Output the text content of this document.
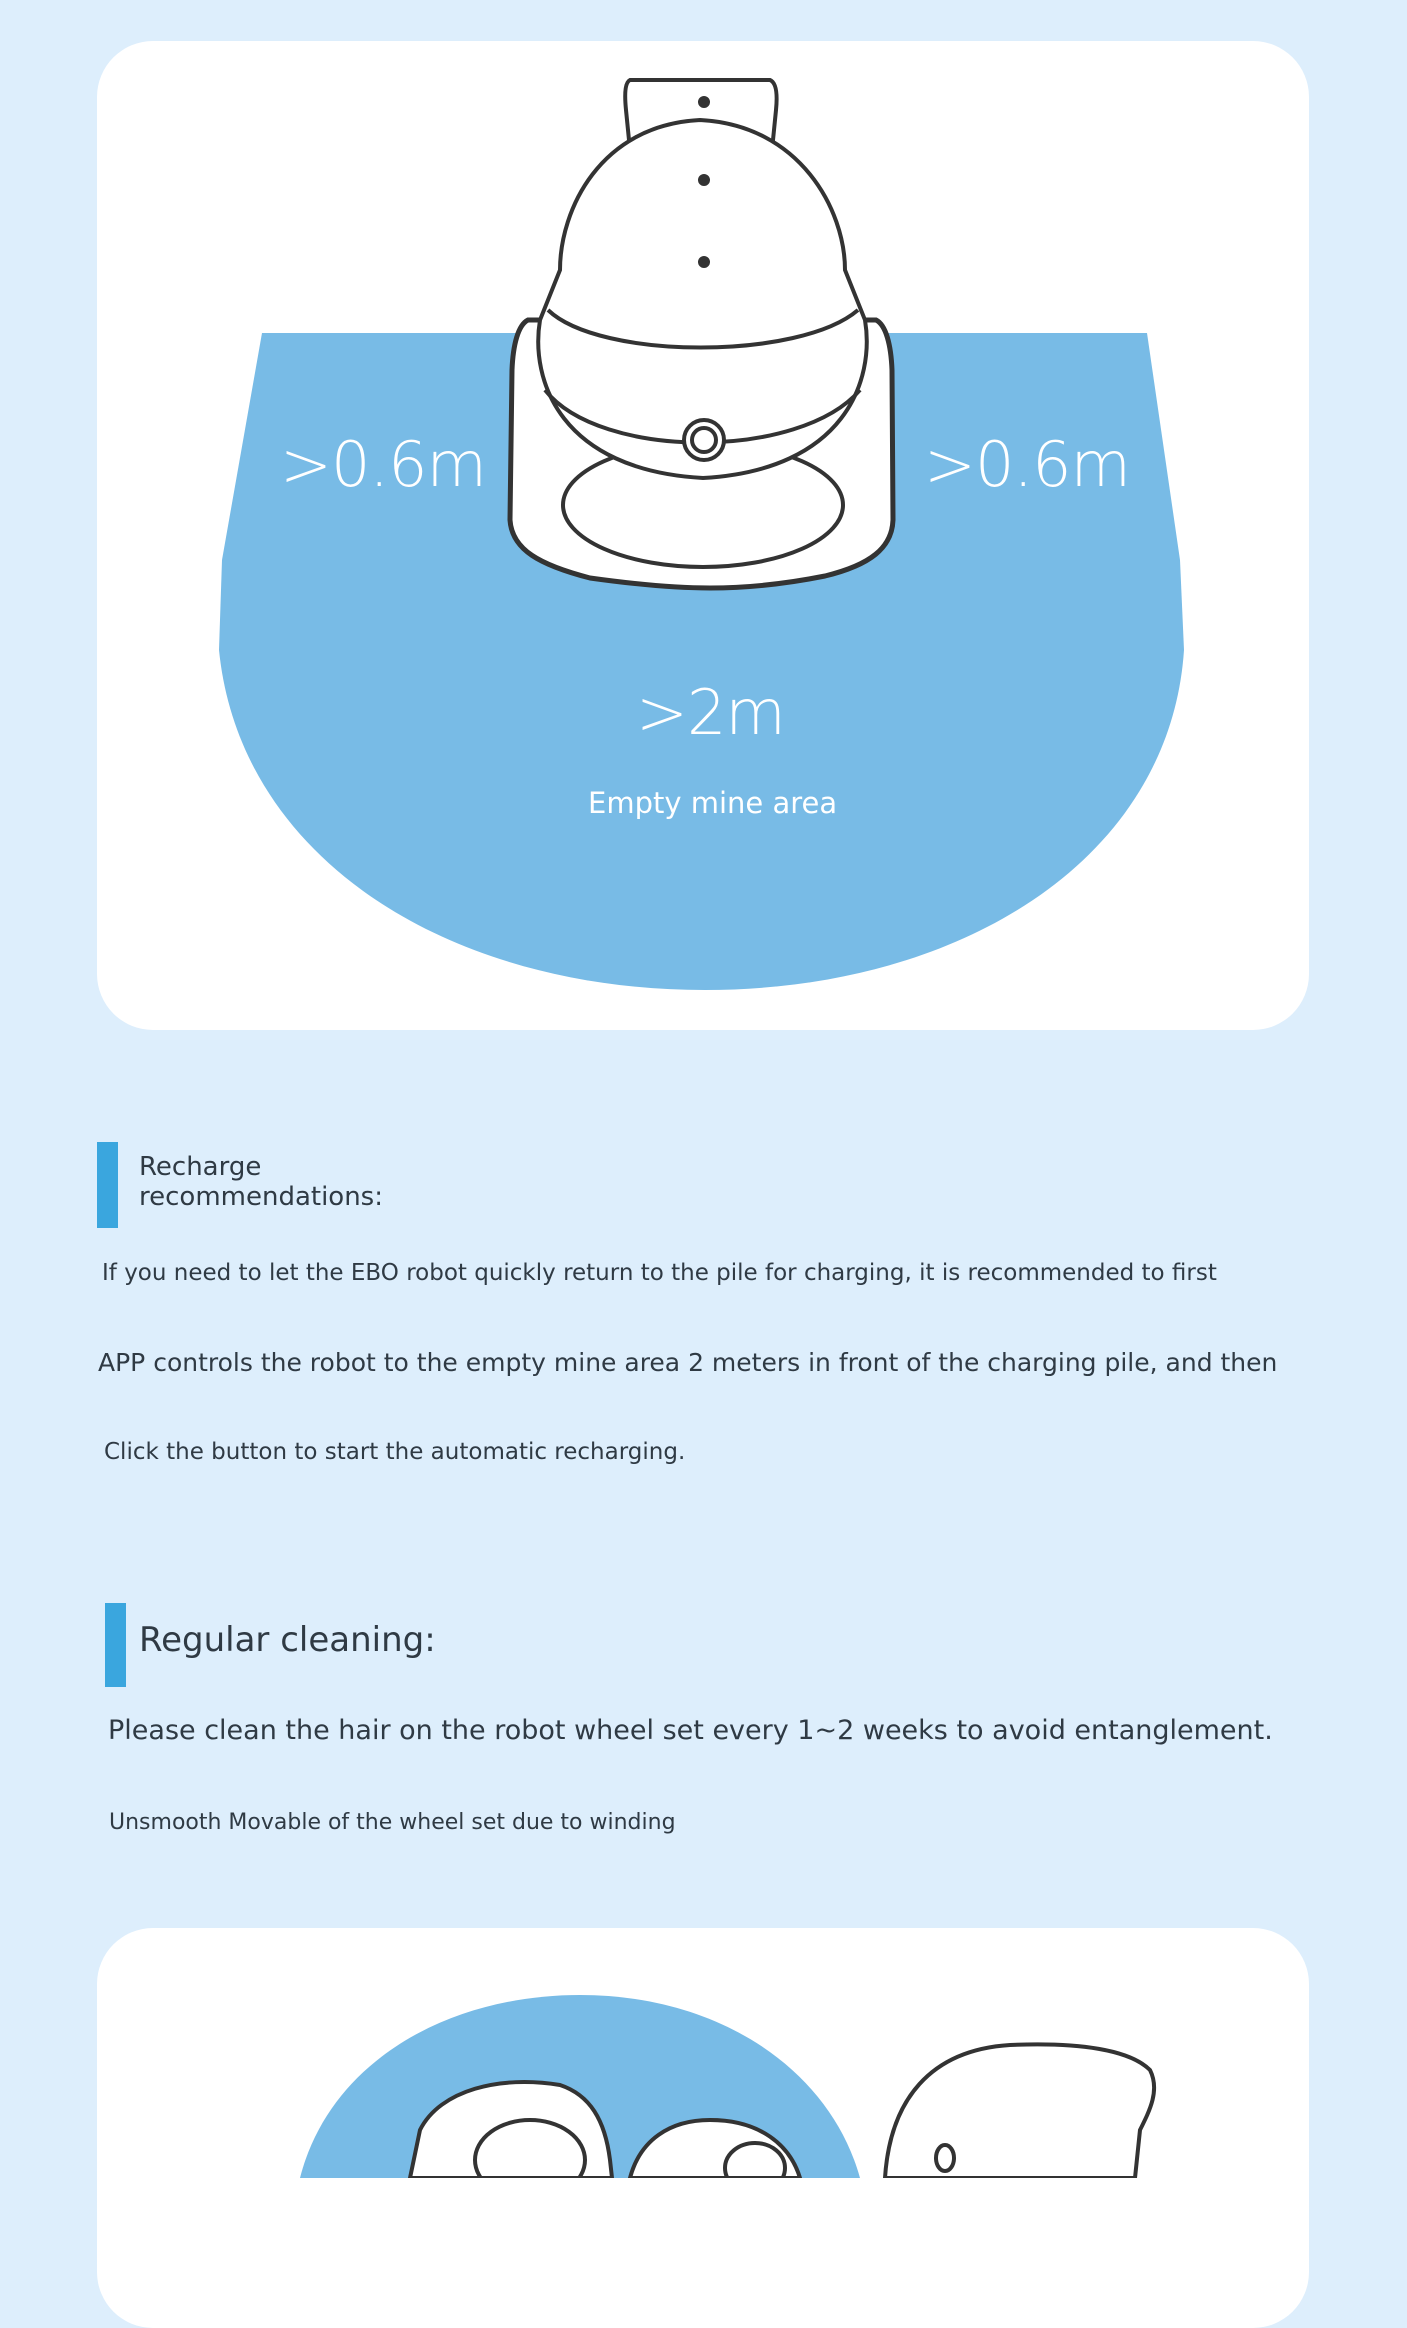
>0.6m	>0.6m
>2m
Empty mine area
Recharge recommendations:
If you need to let the EBO robot quickly return to the pile for charging, it is recommended to first
APP controls the robot to the empty mine area 2 meters in front of the charging pile, and then
Click the button to start the automatic recharging.
Regular cleaning:
Please clean the hair on the robot wheel set every 1~2 weeks to avoid entanglement.
Unsmooth Movable of the wheel set due to winding
